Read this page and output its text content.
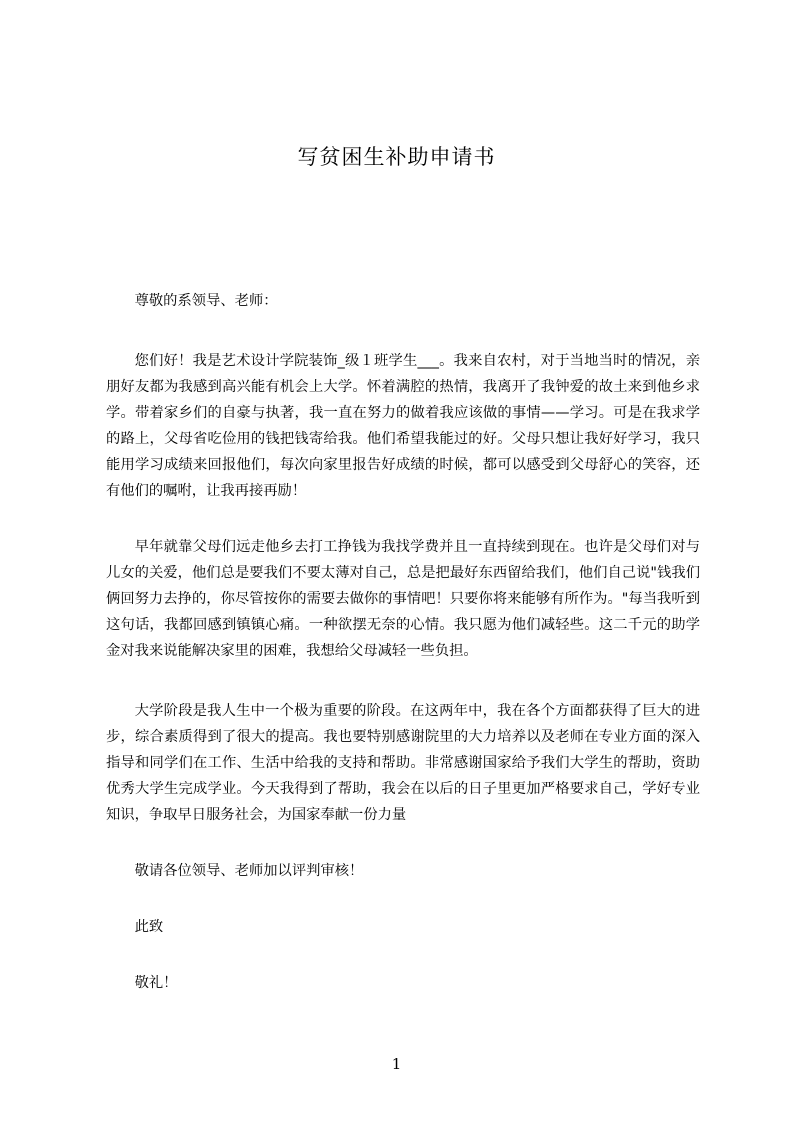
写贫困生补助申请书

尊敬的系领导、老师：

您们好！我是艺术设计学院装饰_级１班学生___。我来自农村，对于当地当时的情况，亲朋好友都为我感到高兴能有机会上大学。怀着满腔的热情，我离开了我钟爱的故土来到他乡求学。带着家乡们的自豪与执著，我一直在努力的做着我应该做的事情——学习。可是在我求学的路上，父母省吃俭用的钱把钱寄给我。他们希望我能过的好。父母只想让我好好学习，我只能用学习成绩来回报他们，每次向家里报告好成绩的时候，都可以感受到父母舒心的笑容，还有他们的嘱咐，让我再接再励！

早年就靠父母们远走他乡去打工挣钱为我找学费并且一直持续到现在。也许是父母们对与儿女的关爱，他们总是要我们不要太薄对自己，总是把最好东西留给我们，他们自己说"钱我们俩回努力去挣的，你尽管按你的需要去做你的事情吧！只要你将来能够有所作为。"每当我听到这句话，我都回感到镇镇心痛。一种欲摆无奈的心情。我只愿为他们减轻些。这二千元的助学金对我来说能解决家里的困难，我想给父母减轻一些负担。

大学阶段是我人生中一个极为重要的阶段。在这两年中，我在各个方面都获得了巨大的进步，综合素质得到了很大的提高。我也要特别感谢院里的大力培养以及老师在专业方面的深入指导和同学们在工作、生活中给我的支持和帮助。非常感谢国家给予我们大学生的帮助，资助优秀大学生完成学业。今天我得到了帮助，我会在以后的日子里更加严格要求自己，学好专业知识，争取早日服务社会，为国家奉献一份力量

敬请各位领导、老师加以评判审核！

此致

敬礼！

1
